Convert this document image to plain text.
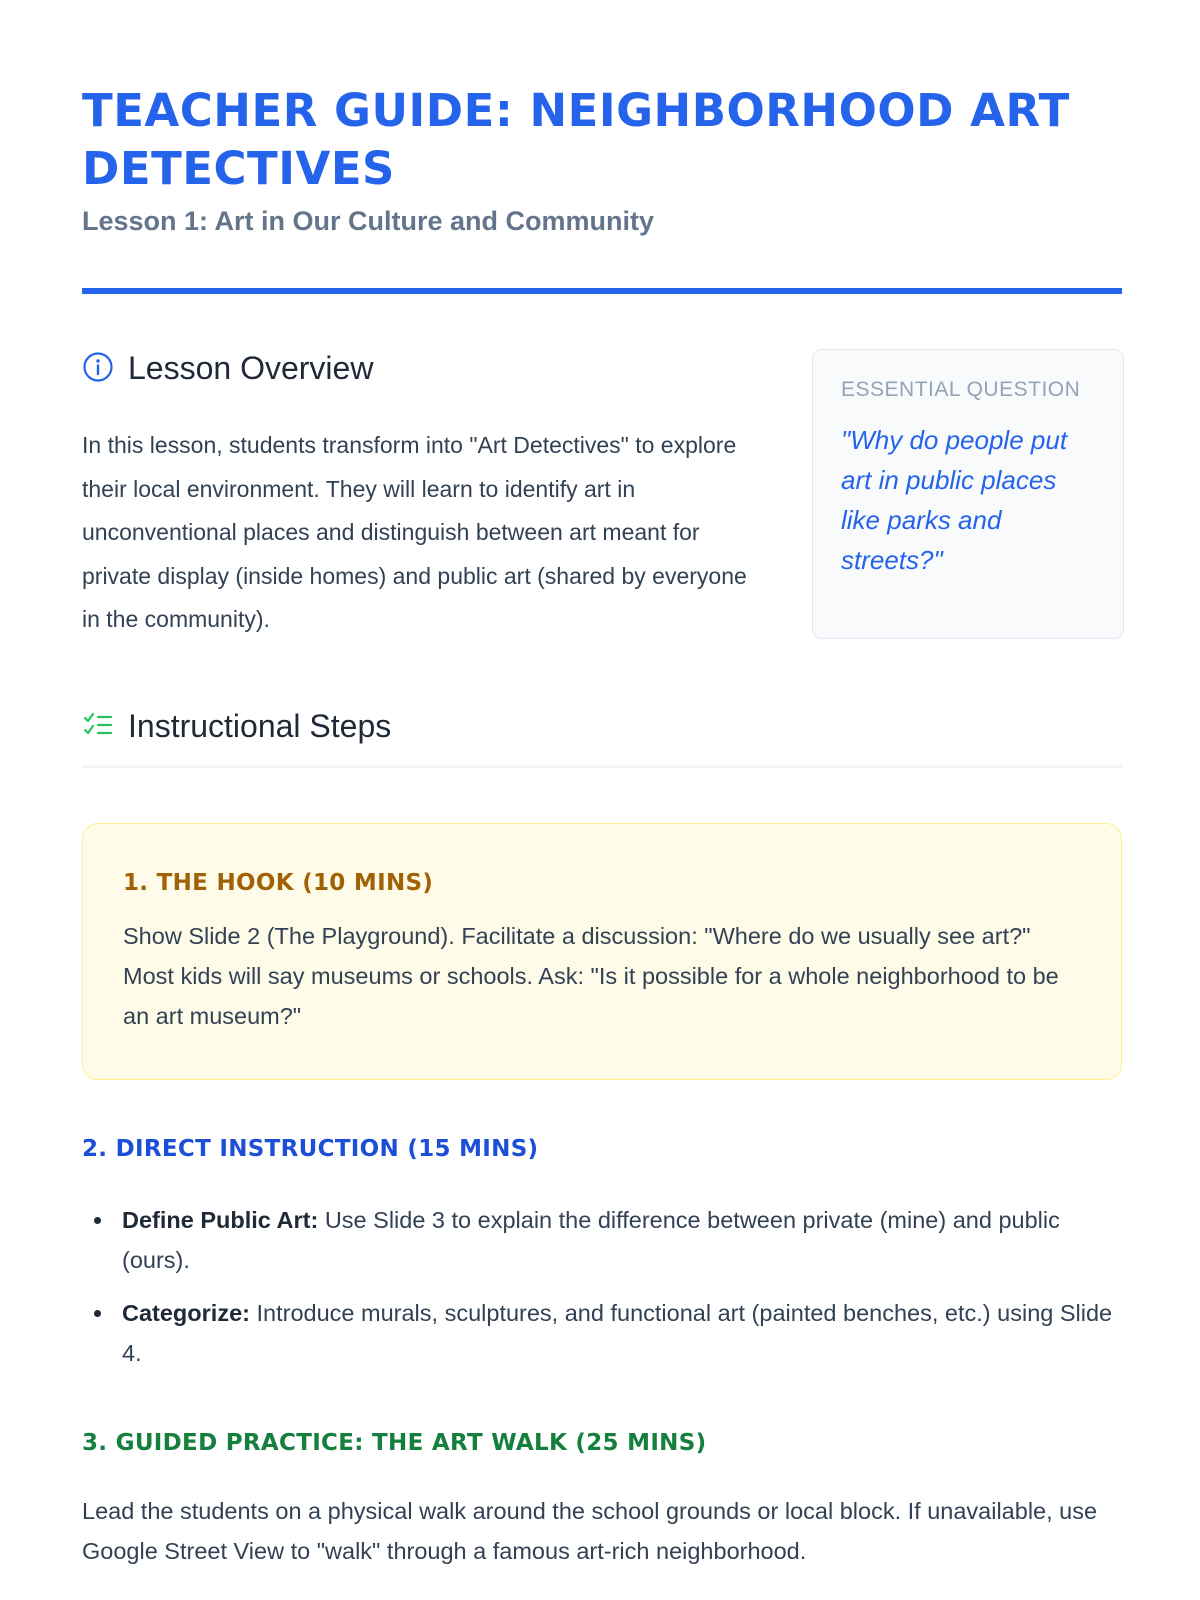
TEACHER GUIDE: NEIGHBORHOOD ART DETECTIVES
Lesson 1: Art in Our Culture and Community
Lesson Overview

In this lesson, students transform into "Art Detectives" to explore their local environment. They will learn to identify art in unconventional places and distinguish between art meant for private display (inside homes) and public art (shared by everyone in the community).

ESSENTIAL QUESTION
"Why do people put art in public places like parks and streets?"
Instructional Steps
1. THE HOOK (10 MINS)

Show Slide 2 (The Playground). Facilitate a discussion: "Where do we usually see art?" Most kids will say museums or schools. Ask: "Is it possible for a whole neighborhood to be an art museum?"

2. DIRECT INSTRUCTION (15 MINS)
Define Public Art: Use Slide 3 to explain the difference between private (mine) and public (ours).
Categorize: Introduce murals, sculptures, and functional art (painted benches, etc.) using Slide 4.
3. GUIDED PRACTICE: THE ART WALK (25 MINS)

Lead the students on a physical walk around the school grounds or local block. If unavailable, use Google Street View to "walk" through a famous art-rich neighborhood.
